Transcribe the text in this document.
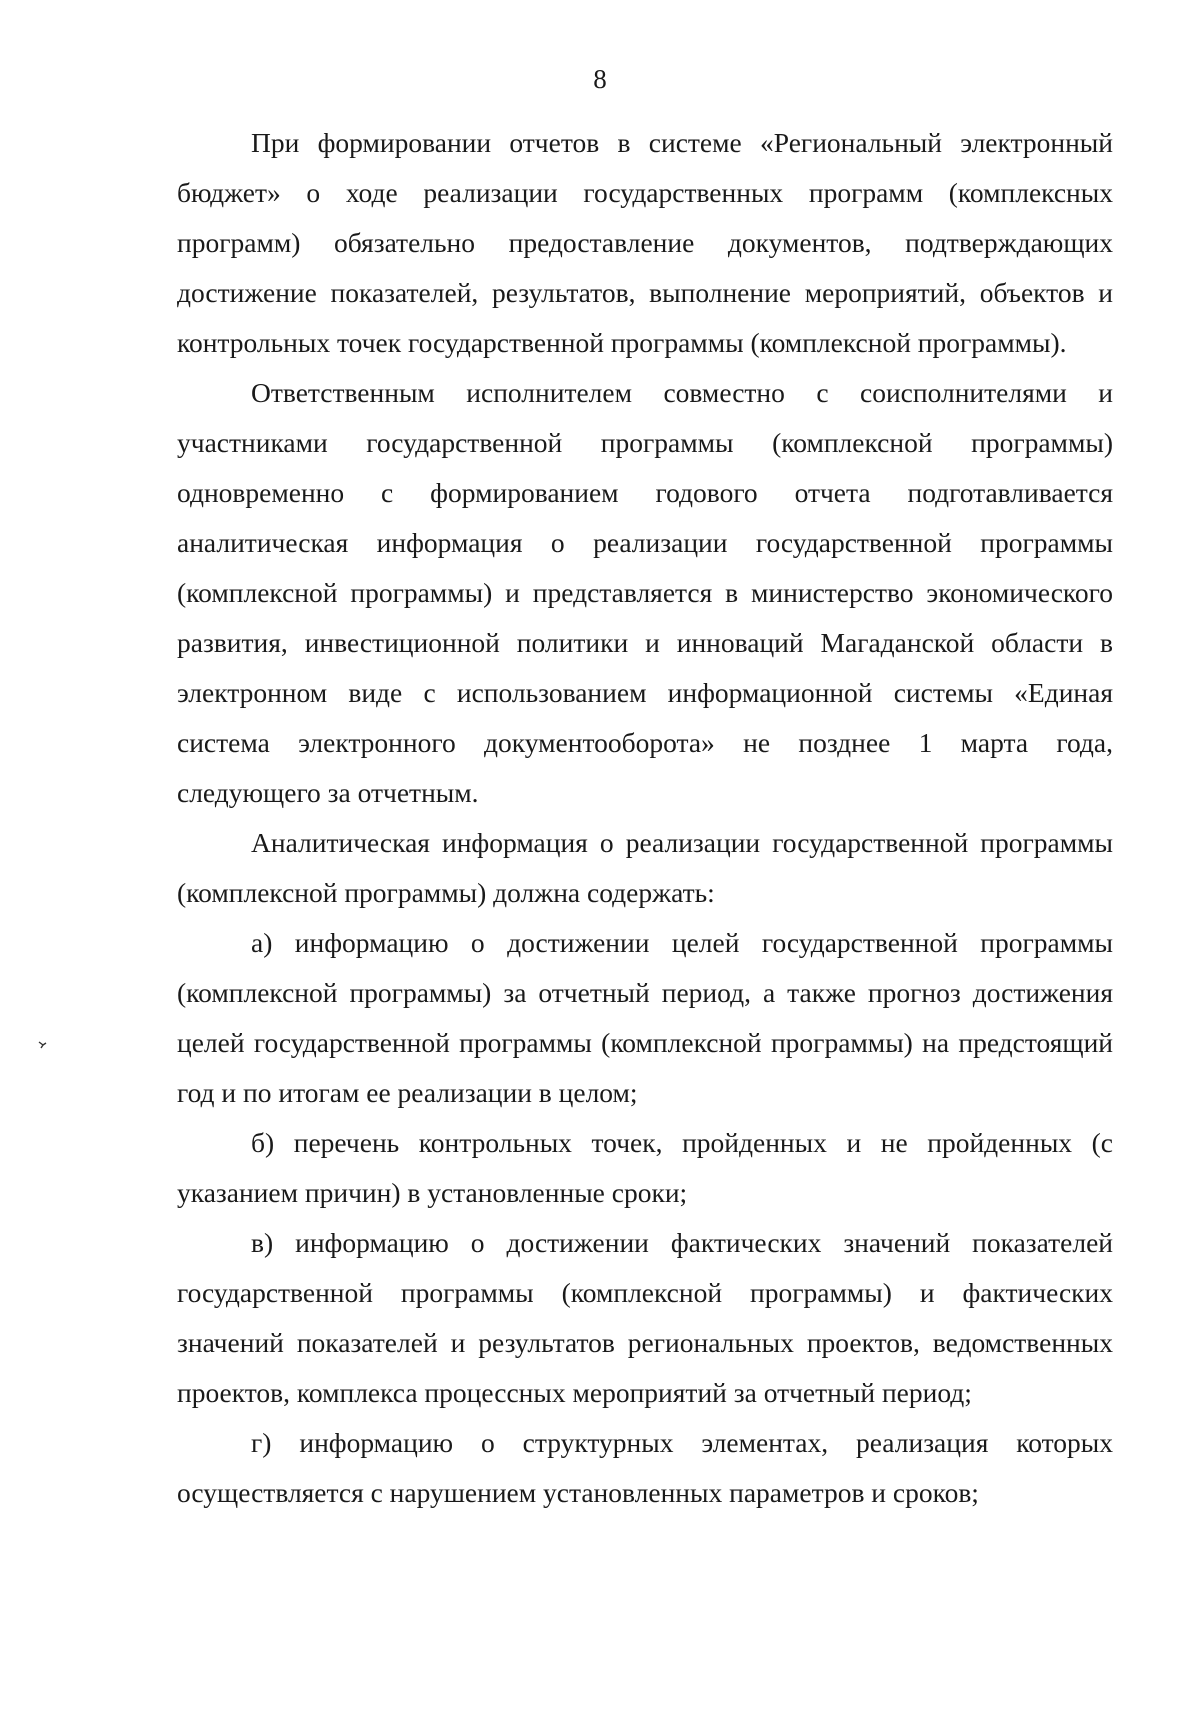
8

При формировании отчетов в системе «Региональный электронный бюджет» о ходе реализации государственных программ (комплексных программ) обязательно предоставление документов, подтверждающих достижение показателей, результатов, выполнение мероприятий, объектов и контрольных точек государственной программы (комплексной программы).

Ответственным исполнителем совместно с соисполнителями и участниками государственной программы (комплексной программы) одновременно с формированием годового отчета подготавливается аналитическая информация о реализации государственной программы (комплексной программы) и представляется в министерство экономического развития, инвестиционной политики и инноваций Магаданской области в электронном виде с использованием информационной системы «Единая система электронного документооборота» не позднее 1 марта года, следующего за отчетным.

Аналитическая информация о реализации государственной программы (комплексной программы) должна содержать:

а) информацию о достижении целей государственной программы (комплексной программы) за отчетный период, а также прогноз достижения целей государственной программы (комплексной программы) на предстоящий год и по итогам ее реализации в целом;

б) перечень контрольных точек, пройденных и не пройденных (с указанием причин) в установленные сроки;

в) информацию о достижении фактических значений показателей государственной программы (комплексной программы) и фактических значений показателей и результатов региональных проектов, ведомственных проектов, комплекса процессных мероприятий за отчетный период;

г) информацию о структурных элементах, реализация которых осуществляется с нарушением установленных параметров и сроков;
